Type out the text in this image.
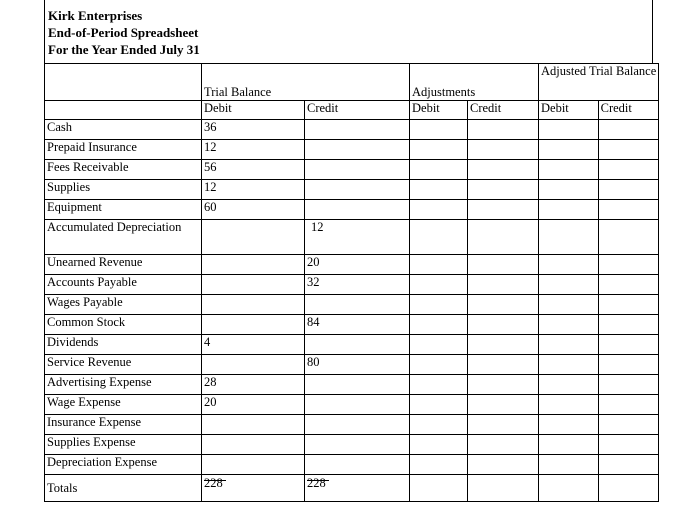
Kirk Enterprises
End-of-Period Spreadsheet
For the Year Ended July 31
	Trial Balance		Adjustments		Adjusted Trial Balance	
	Debit	Credit	Debit	Credit	Debit	Credit
Cash	36					
Prepaid Insurance	12					
Fees Receivable	56					
Supplies	12					
Equipment	60					
Accumulated Depreciation		12				
Unearned Revenue		20				
Accounts Payable		32				
Wages Payable						
Common Stock		84				
Dividends	4					
Service Revenue		80				
Advertising Expense	28					
Wage Expense	20					
Insurance Expense						
Supplies Expense						
Depreciation Expense						

Totals	228	228				
